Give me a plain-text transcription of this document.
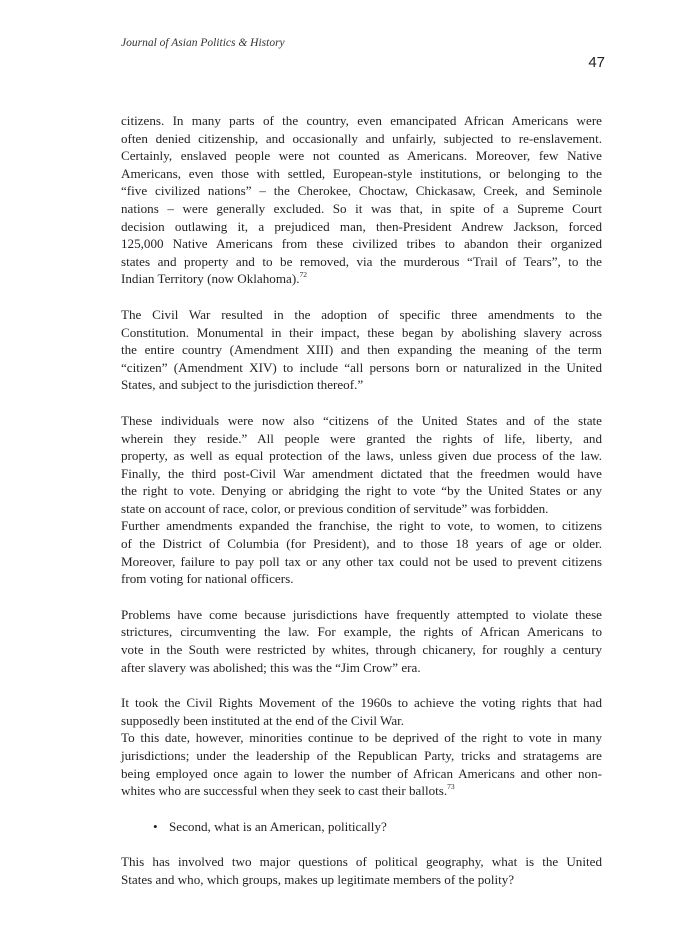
Journal of Asian Politics & History
47

citizens. In many parts of the country, even emancipated African Americans were
often denied citizenship, and occasionally and unfairly, subjected to re-enslavement.
Certainly, enslaved people were not counted as Americans. Moreover, few Native
Americans, even those with settled, European-style institutions, or belonging to the
“five civilized nations” – the Cherokee, Choctaw, Chickasaw, Creek, and Seminole
nations – were generally excluded. So it was that, in spite of a Supreme Court
decision outlawing it, a prejudiced man, then-President Andrew Jackson, forced
125,000 Native Americans from these civilized tribes to abandon their organized
states and property and to be removed, via the murderous “Trail of Tears”, to the
Indian Territory (now Oklahoma).$^{72}$

The Civil War resulted in the adoption of specific three amendments to the
Constitution. Monumental in their impact, these began by abolishing slavery across
the entire country (Amendment XIII) and then expanding the meaning of the term
“citizen” (Amendment XIV) to include “all persons born or naturalized in the United
States, and subject to the jurisdiction thereof.”

These individuals were now also “citizens of the United States and of the state
wherein they reside.” All people were granted the rights of life, liberty, and
property, as well as equal protection of the laws, unless given due process of the law.
Finally, the third post-Civil War amendment dictated that the freedmen would have
the right to vote. Denying or abridging the right to vote “by the United States or any
state on account of race, color, or previous condition of servitude” was forbidden.
Further amendments expanded the franchise, the right to vote, to women, to citizens
of the District of Columbia (for President), and to those 18 years of age or older.
Moreover, failure to pay poll tax or any other tax could not be used to prevent citizens
from voting for national officers.

Problems have come because jurisdictions have frequently attempted to violate these
strictures, circumventing the law. For example, the rights of African Americans to
vote in the South were restricted by whites, through chicanery, for roughly a century
after slavery was abolished; this was the “Jim Crow” era.

It took the Civil Rights Movement of the 1960s to achieve the voting rights that had
supposedly been instituted at the end of the Civil War.
To this date, however, minorities continue to be deprived of the right to vote in many
jurisdictions; under the leadership of the Republican Party, tricks and stratagems are
being employed once again to lower the number of African Americans and other non-
whites who are successful when they seek to cast their ballots.$^{73}$

• Second, what is an American, politically?

This has involved two major questions of political geography, what is the United
States and who, which groups, makes up legitimate members of the polity?
